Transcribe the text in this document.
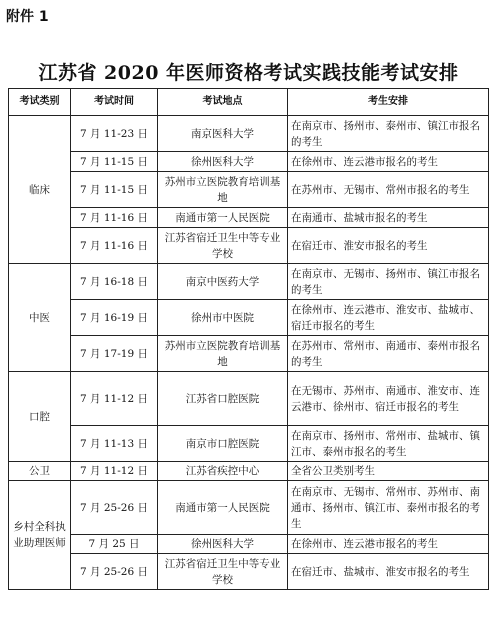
附件 1
江苏省 2020 年医师资格考试实践技能考试安排
考试类别	考试时间	考试地点	考生安排
临床	7 月 11-23 日	南京医科大学	在南京市、扬州市、泰州市、镇江市报名的考生
	7 月 11-15 日	徐州医科大学	在徐州市、连云港市报名的考生
	7 月 11-15 日	苏州市立医院教育培训基地	在苏州市、无锡市、常州市报名的考生
	7 月 11-16 日	南通市第一人民医院	在南通市、盐城市报名的考生
	7 月 11-16 日	江苏省宿迁卫生中等专业学校	在宿迁市、淮安市报名的考生
中医	7 月 16-18 日	南京中医药大学	在南京市、无锡市、扬州市、镇江市报名的考生
	7 月 16-19 日	徐州市中医院	在徐州市、连云港市、淮安市、盐城市、宿迁市报名的考生
	7 月 17-19 日	苏州市立医院教育培训基地	在苏州市、常州市、南通市、泰州市报名的考生
口腔	7 月 11-12 日	江苏省口腔医院	在无锡市、苏州市、南通市、淮安市、连云港市、徐州市、宿迁市报名的考生
	7 月 11-13 日	南京市口腔医院	在南京市、扬州市、常州市、盐城市、镇江市、泰州市报名的考生
公卫	7 月 11-12 日	江苏省疾控中心	全省公卫类别考生
乡村全科执业助理医师	7 月 25-26 日	南通市第一人民医院	在南京市、无锡市、常州市、苏州市、南通市、扬州市、镇江市、泰州市报名的考生
	7 月 25 日	徐州医科大学	在徐州市、连云港市报名的考生
	7 月 25-26 日	江苏省宿迁卫生中等专业学校	在宿迁市、盐城市、淮安市报名的考生
